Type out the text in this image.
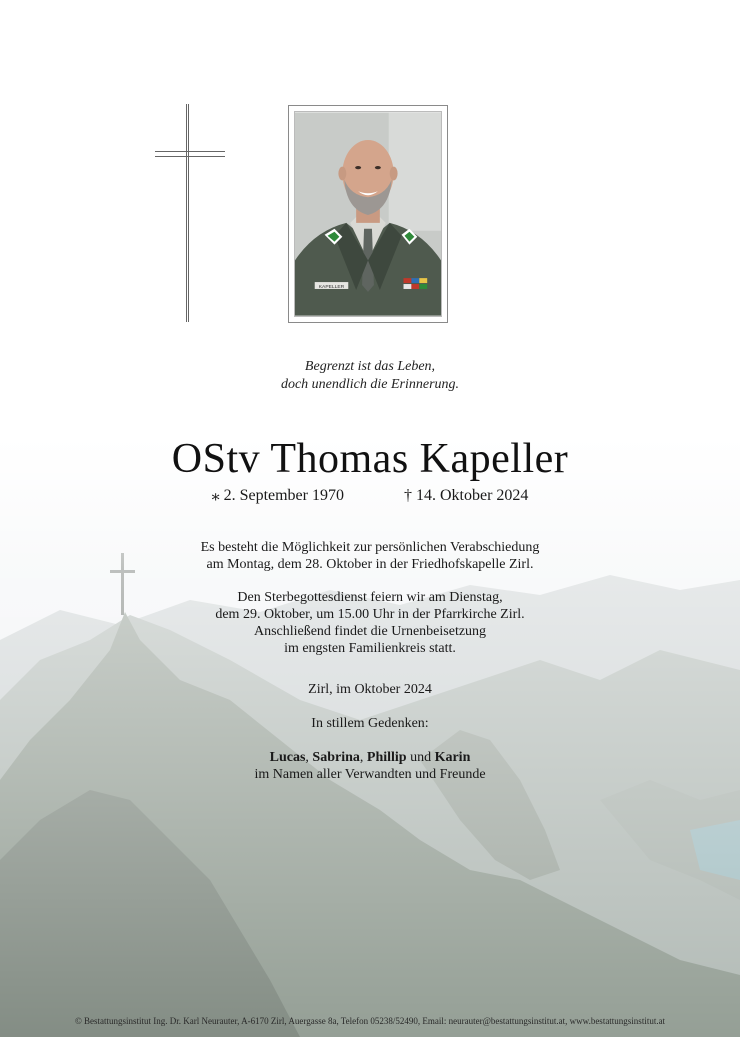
KAPELLER
Begrenzt ist das Leben,
doch unendlich die Erinnerung.
OStv Thomas Kapeller
⁎ 2. September 1970	† 14. Oktober 2024
Es besteht die Möglichkeit zur persönlichen Verabschiedung
am Montag, dem 28. Oktober in der Friedhofskapelle Zirl.
Den Sterbegottesdienst feiern wir am Dienstag,
dem 29. Oktober, um 15.00 Uhr in der Pfarrkirche Zirl.
Anschließend findet die Urnenbeisetzung
im engsten Familienkreis statt.
Zirl, im Oktober 2024
In stillem Gedenken:
Lucas, Sabrina, Phillip und Karin
im Namen aller Verwandten und Freunde
© Bestattungsinstitut Ing. Dr. Karl Neurauter, A-6170 Zirl, Auergasse 8a, Telefon 05238/52490, Email: neurauter@bestattungsinstitut.at, www.bestattungsinstitut.at
